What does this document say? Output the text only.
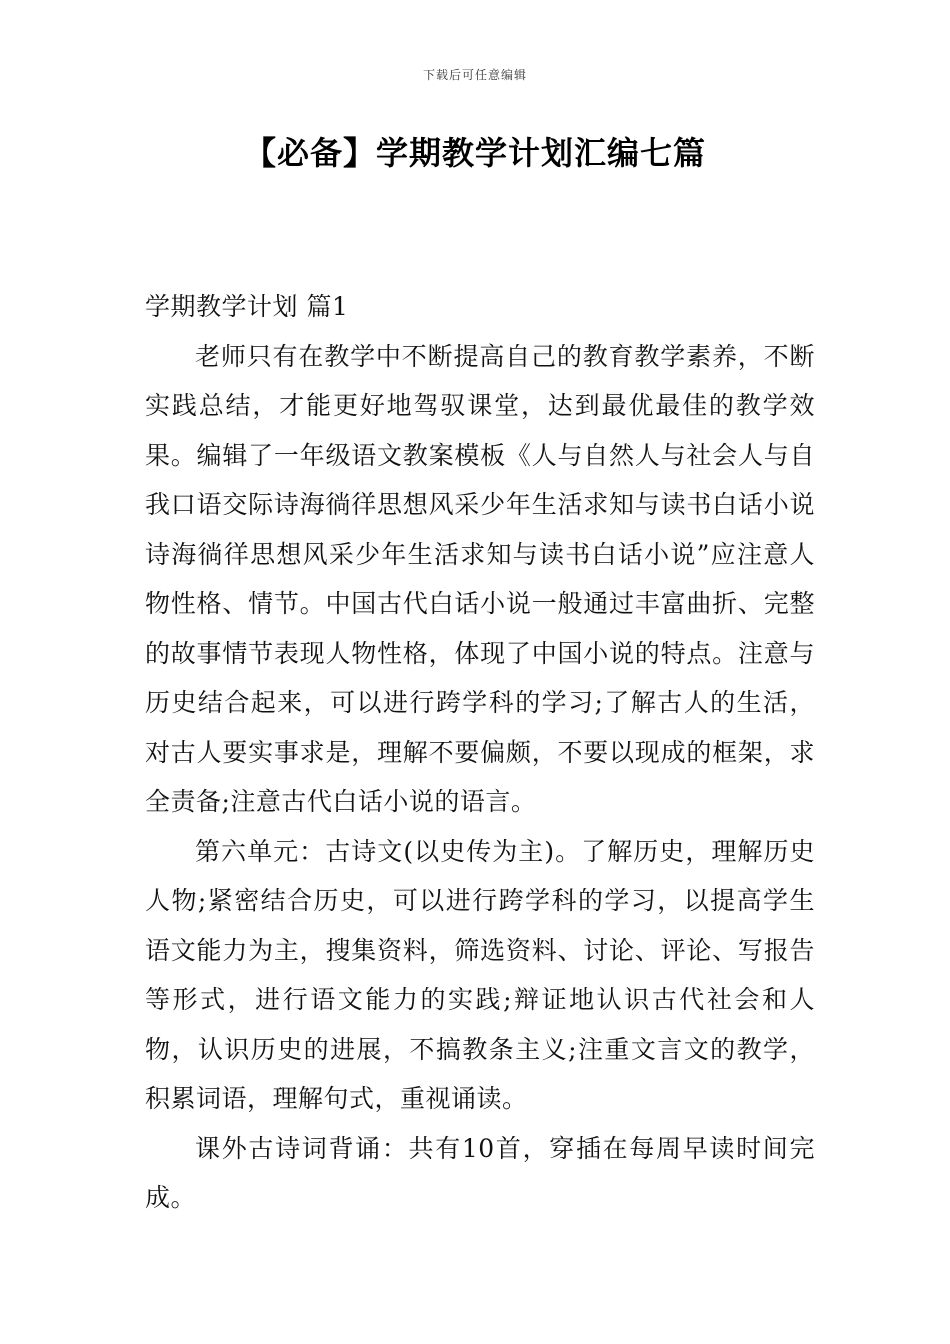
下载后可任意编辑
【必备】学期教学计划汇编七篇

学期教学计划 篇1

老师只有在教学中不断提高自己的教育教学素养，不断实践总结，才能更好地驾驭课堂，达到最优最佳的教学效果。编辑了一年级语文教案模板《人与自然人与社会人与自我口语交际诗海徜徉思想风采少年生活求知与读书白话小说诗海徜徉思想风采少年生活求知与读书白话小说”应注意人物性格、情节。中国古代白话小说一般通过丰富曲折、完整的故事情节表现人物性格，体现了中国小说的特点。注意与历史结合起来，可以进行跨学科的学习;了解古人的生活，对古人要实事求是，理解不要偏颇，不要以现成的框架，求全责备;注意古代白话小说的语言。

第六单元：古诗文(以史传为主)。了解历史，理解历史人物;紧密结合历史，可以进行跨学科的学习，以提高学生语文能力为主，搜集资料，筛选资料、讨论、评论、写报告等形式，进行语文能力的实践;辩证地认识古代社会和人物，认识历史的进展，不搞教条主义;注重文言文的教学，积累词语，理解句式，重视诵读。

课外古诗词背诵：共有10首，穿插在每周早读时间完成。
